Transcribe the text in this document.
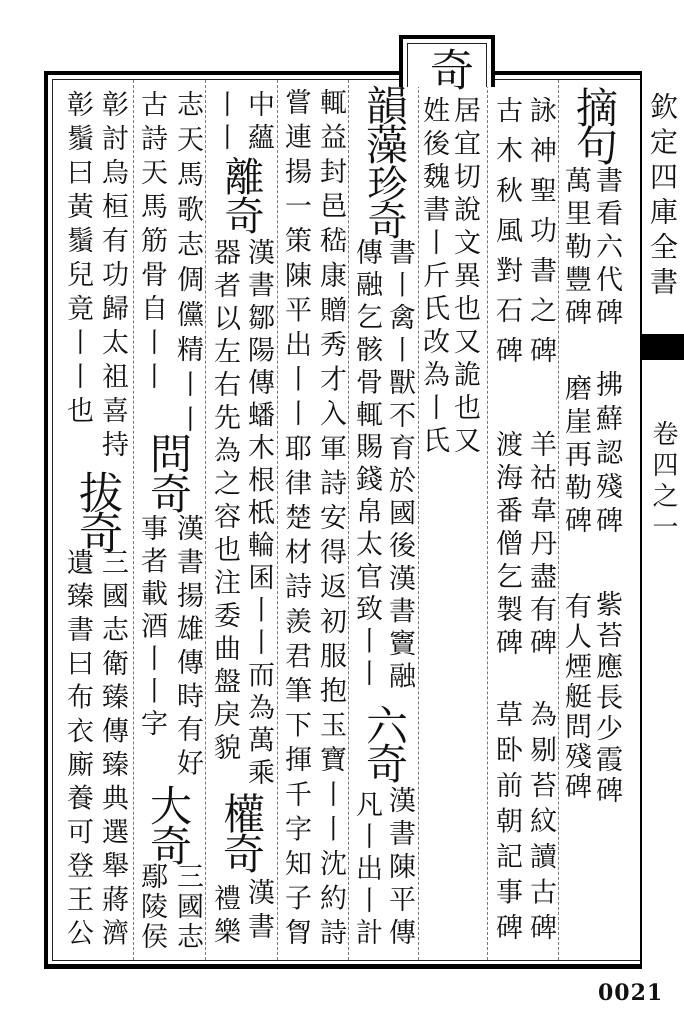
奇
欽定四庫全書
卷四之一
0021
摘句
書看六代碑
萬里勒豐碑
拂蘚認殘碑
磨崖再勒碑
紫苔應長少霞碑
有人煙艇問殘碑
詠神聖功書之碑
古木秋風對石碑
羊祜韋丹盡有碑
渡海番僧乞製碑
為剔苔紋讀古碑
草卧前朝記事碑
居宜切說文異也又詭也又
姓後魏書丨斤氏改為丨氏
韻藻
珍奇
書丨禽丨獸不育於國後漢書竇融
傳融乞骸骨輒賜錢帛太官致丨丨
六奇
漢書陳平傳
凡丨出丨計
輒益封邑嵇康贈秀才入軍詩安得返初服抱玉寶丨丨沈約詩
嘗連揚一策陳平出丨丨耶律楚材詩羨君筆下揮千字知子胷
中蘊
丨丨
離奇
漢書鄒陽傳蟠木根柢輪囷丨丨而為萬乘
器者以左右先為之容也注委曲盤戾貌
權奇
漢書
禮樂
志天馬歌志倜儻精丨丨
古詩天馬筋骨自丨丨
問奇
漢書揚雄傳時有好
事者載酒丨丨字
大奇
三國志
鄢陵侯
彰討烏桓有功歸太祖喜持
彰鬚曰黃鬚兒竟丨丨也
拔奇
三國志衛臻傳臻典選舉蔣濟
遺臻書曰布衣廝養可登王公
